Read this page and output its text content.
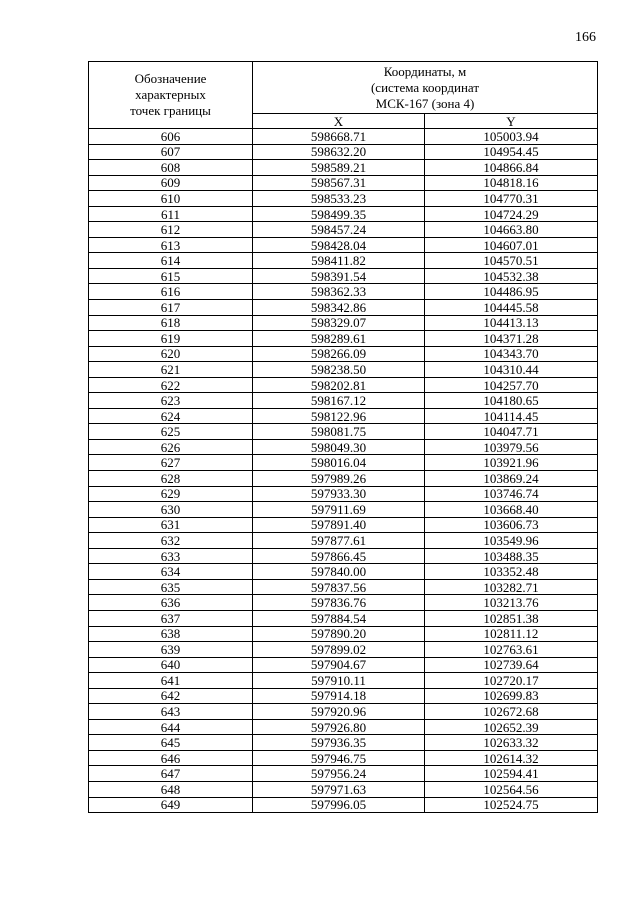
166
Обозначение
характерных
точек границы	Координаты, м
(система координат
МСК-167 (зона 4)	

	X	Y
606	598668.71	105003.94
607	598632.20	104954.45
608	598589.21	104866.84
609	598567.31	104818.16
610	598533.23	104770.31
611	598499.35	104724.29
612	598457.24	104663.80
613	598428.04	104607.01
614	598411.82	104570.51
615	598391.54	104532.38
616	598362.33	104486.95
617	598342.86	104445.58
618	598329.07	104413.13
619	598289.61	104371.28
620	598266.09	104343.70
621	598238.50	104310.44
622	598202.81	104257.70
623	598167.12	104180.65
624	598122.96	104114.45
625	598081.75	104047.71
626	598049.30	103979.56
627	598016.04	103921.96
628	597989.26	103869.24
629	597933.30	103746.74
630	597911.69	103668.40
631	597891.40	103606.73
632	597877.61	103549.96
633	597866.45	103488.35
634	597840.00	103352.48
635	597837.56	103282.71
636	597836.76	103213.76
637	597884.54	102851.38
638	597890.20	102811.12
639	597899.02	102763.61
640	597904.67	102739.64
641	597910.11	102720.17
642	597914.18	102699.83
643	597920.96	102672.68
644	597926.80	102652.39
645	597936.35	102633.32
646	597946.75	102614.32
647	597956.24	102594.41
648	597971.63	102564.56
649	597996.05	102524.75
